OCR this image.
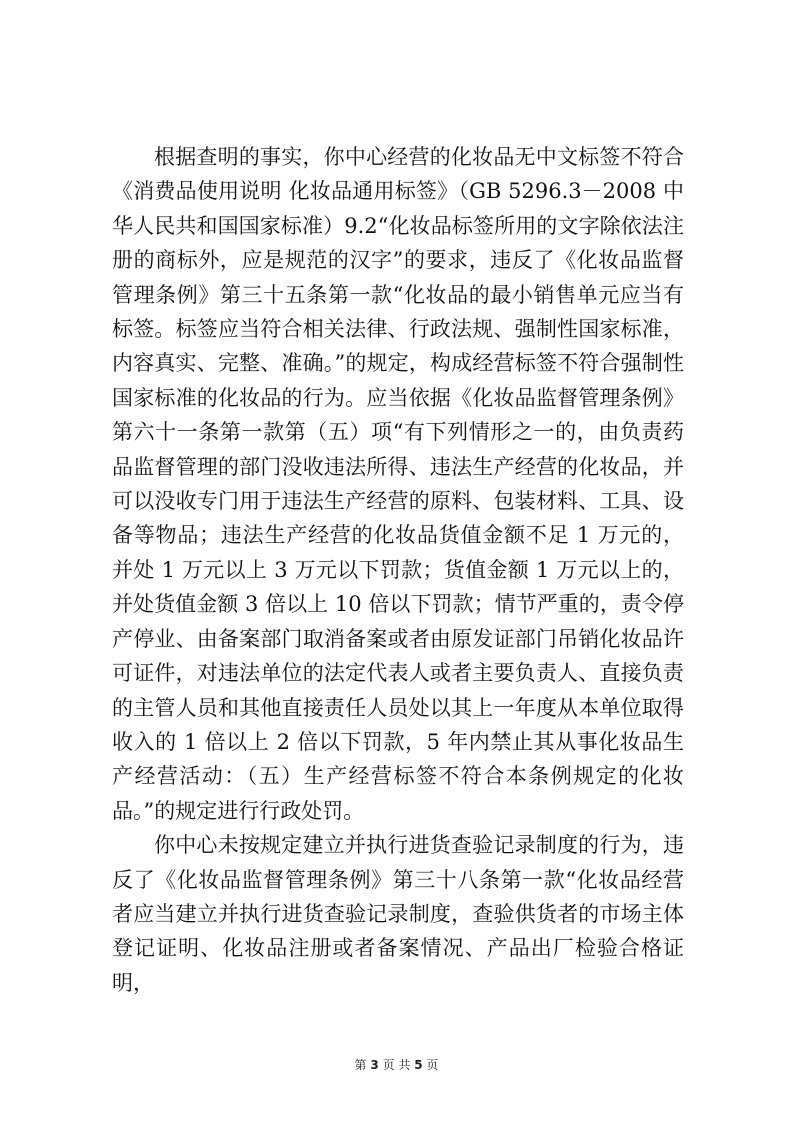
根据查明的事实，你中心经营的化妆品无中文标签不符合《消费品使用说明 化妆品通用标签》（GB 5296.3－2008 中华人民共和国国家标准）9.2“化妆品标签所用的文字除依法注册的商标外，应是规范的汉字”的要求，违反了《化妆品监督管理条例》第三十五条第一款“化妆品的最小销售单元应当有标签。标签应当符合相关法律、行政法规、强制性国家标准，内容真实、完整、准确。”的规定，构成经营标签不符合强制性国家标准的化妆品的行为。应当依据《化妆品监督管理条例》第六十一条第一款第（五）项“有下列情形之一的，由负责药品监督管理的部门没收违法所得、违法生产经营的化妆品，并可以没收专门用于违法生产经营的原料、包装材料、工具、设备等物品；违法生产经营的化妆品货值金额不足 1 万元的，并处 1 万元以上 3 万元以下罚款；货值金额 1 万元以上的，并处货值金额 3 倍以上 10 倍以下罚款；情节严重的，责令停产停业、由备案部门取消备案或者由原发证部门吊销化妆品许可证件，对违法单位的法定代表人或者主要负责人、直接负责的主管人员和其他直接责任人员处以其上一年度从本单位取得收入的 1 倍以上 2 倍以下罚款，5 年内禁止其从事化妆品生产经营活动：（五）生产经营标签不符合本条例规定的化妆品。”的规定进行行政处罚。

你中心未按规定建立并执行进货查验记录制度的行为，违反了《化妆品监督管理条例》第三十八条第一款“化妆品经营者应当建立并执行进货查验记录制度，查验供货者的市场主体登记证明、化妆品注册或者备案情况、产品出厂检验合格证明，

第 3 页 共 5 页
